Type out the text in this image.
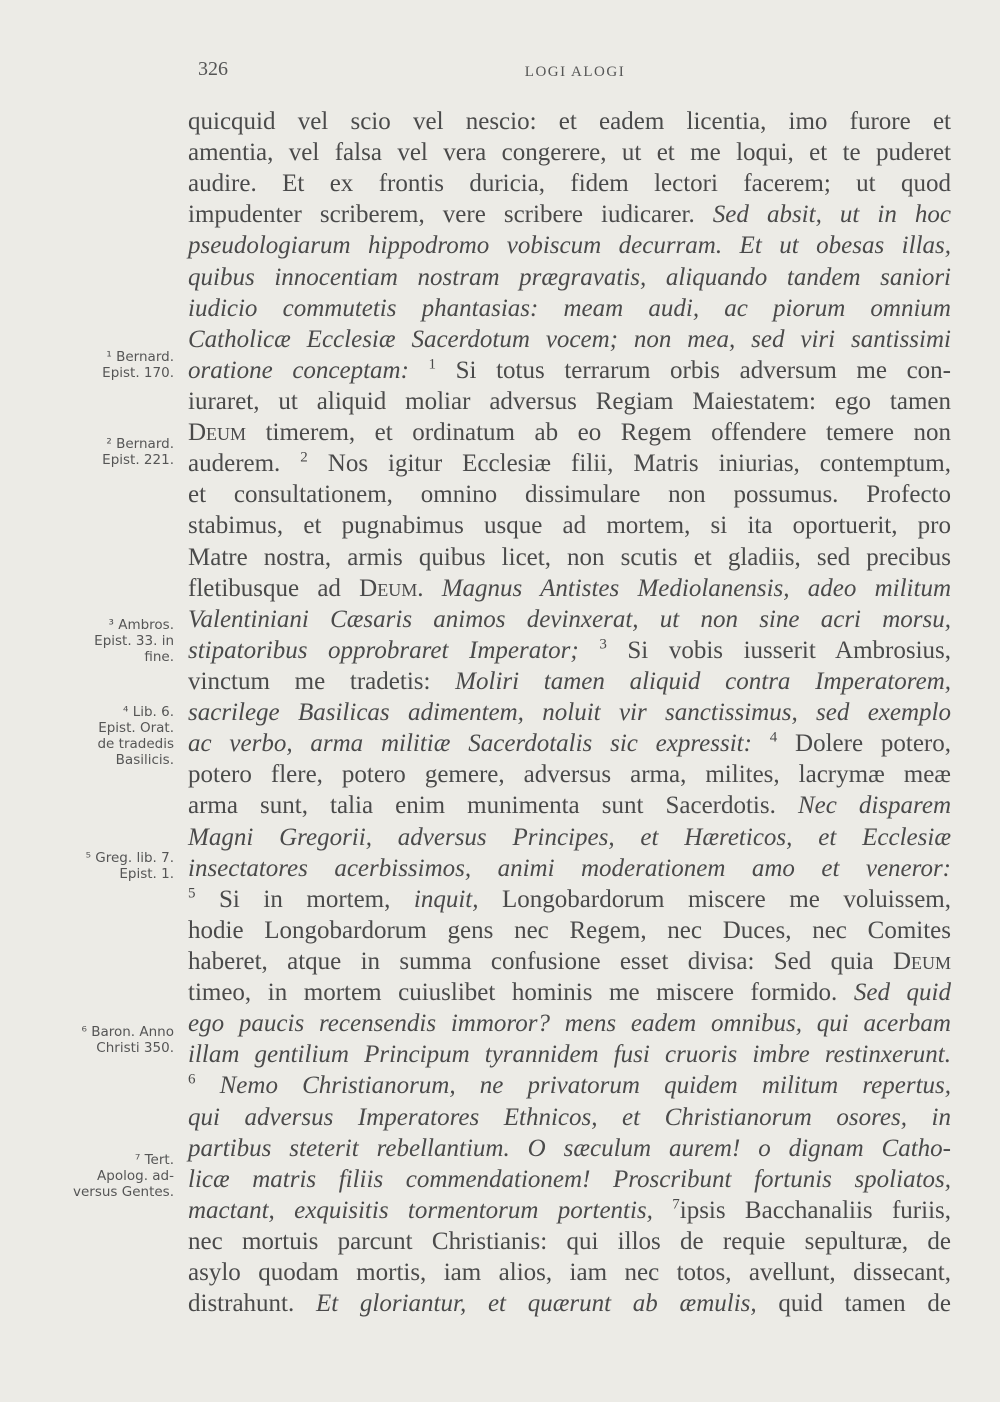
326	LOGI ALOGI
quicquid vel scio vel nescio: et eadem licentia, imo furore et
amentia, vel falsa vel vera congerere, ut et me loqui, et te puderet
audire. Et ex frontis duricia, fidem lectori facerem; ut quod
impudenter scriberem, vere scribere iudicarer. Sed absit, ut in hoc
pseudologiarum hippodromo vobiscum decurram. Et ut obesas illas,
quibus innocentiam nostram prægravatis, aliquando tandem saniori
iudicio commutetis phantasias: meam audi, ac piorum omnium
Catholicæ Ecclesiæ Sacerdotum vocem; non mea, sed viri santissimi
oratione conceptam: $^1$ Si totus terrarum orbis adversum me con-
iuraret, ut aliquid moliar adversus Regiam Maiestatem: ego tamen
Deum timerem, et ordinatum ab eo Regem offendere temere non
auderem. $^2$ Nos igitur Ecclesiæ filii, Matris iniurias, contemptum,
et consultationem, omnino dissimulare non possumus. Profecto
stabimus, et pugnabimus usque ad mortem, si ita oportuerit, pro
Matre nostra, armis quibus licet, non scutis et gladiis, sed precibus
fletibusque ad Deum. Magnus Antistes Mediolanensis, adeo militum
Valentiniani Cæsaris animos devinxerat, ut non sine acri morsu,
stipatoribus opprobraret Imperator; $^3$ Si vobis iusserit Ambrosius,
vinctum me tradetis: Moliri tamen aliquid contra Imperatorem,
sacrilege Basilicas adimentem, noluit vir sanctissimus, sed exemplo
ac verbo, arma militiæ Sacerdotalis sic expressit: $^4$ Dolere potero,
potero flere, potero gemere, adversus arma, milites, lacrymæ meæ
arma sunt, talia enim munimenta sunt Sacerdotis. Nec disparem
Magni Gregorii, adversus Principes, et Hæreticos, et Ecclesiæ
insectatores acerbissimos, animi moderationem amo et veneror:
$^5$ Si in mortem, inquit, Longobardorum miscere me voluissem,
hodie Longobardorum gens nec Regem, nec Duces, nec Comites
haberet, atque in summa confusione esset divisa: Sed quia Deum
timeo, in mortem cuiuslibet hominis me miscere formido. Sed quid
ego paucis recensendis immoror? mens eadem omnibus, qui acerbam
illam gentilium Principum tyrannidem fusi cruoris imbre restinxerunt.
$^6$ Nemo Christianorum, ne privatorum quidem militum repertus,
qui adversus Imperatores Ethnicos, et Christianorum osores, in
partibus steterit rebellantium. O sæculum aurem! o dignam Catho-
licæ matris filiis commendationem! Proscribunt fortunis spoliatos,
mactant, exquisitis tormentorum portentis, $^7$ipsis Bacchanaliis furiis,
nec mortuis parcunt Christianis: qui illos de requie sepulturæ, de
asylo quodam mortis, iam alios, iam nec totos, avellunt, dissecant,
distrahunt. Et gloriantur, et quærunt ab æmulis, quid tamen de
¹ Bernard.
Epist. 170.
² Bernard.
Epist. 221.
³ Ambros.
Epist. 33. in
fine.
⁴ Lib. 6.
Epist. Orat.
de tradedis
Basilicis.
⁵ Greg. lib. 7.
Epist. 1.
⁶ Baron. Anno
Christi 350.
⁷ Tert.
Apolog. ad-
versus Gentes.
